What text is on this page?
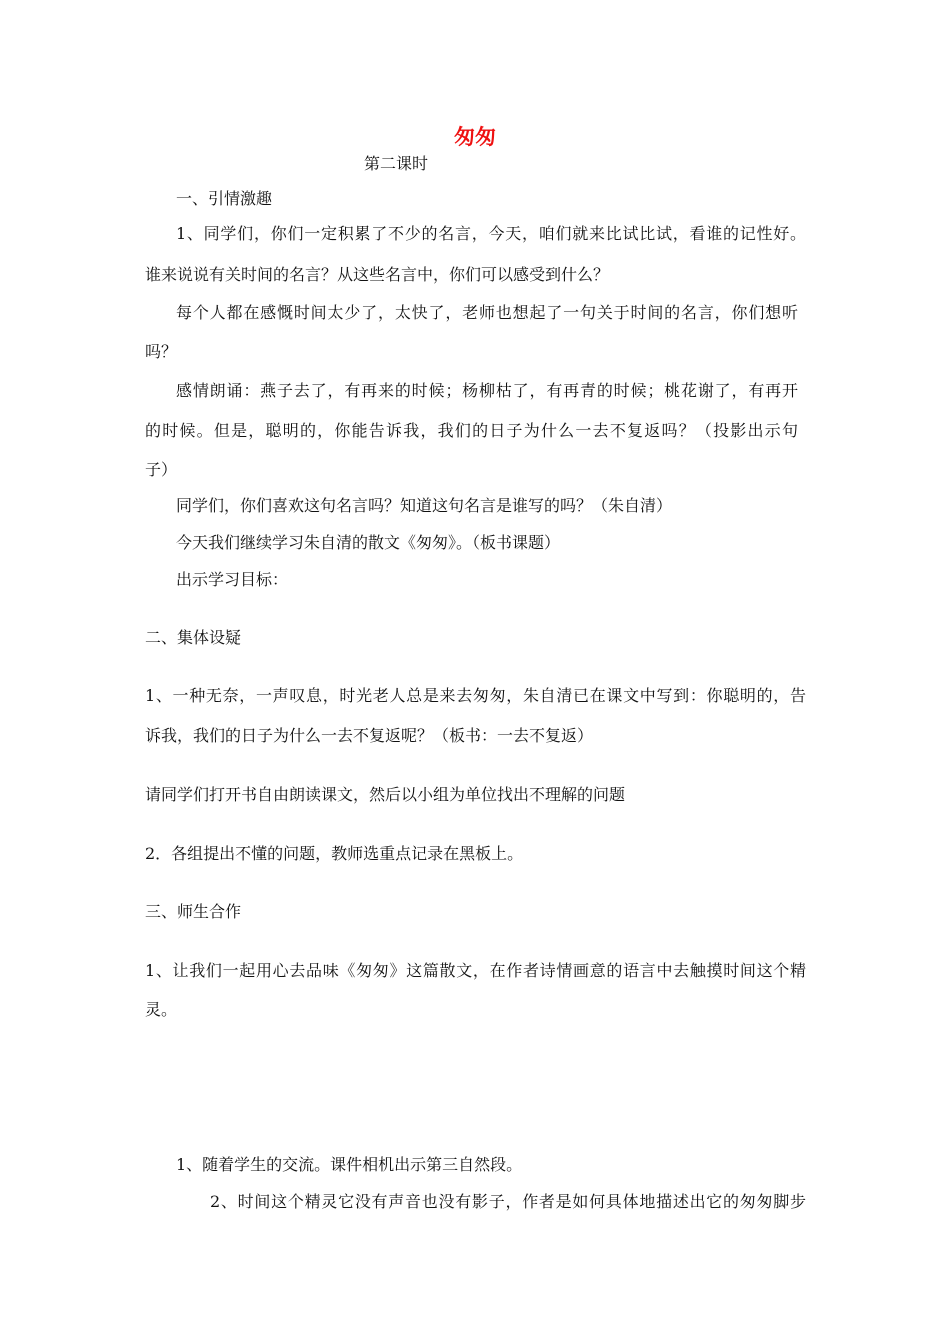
匆匆
第二课时
一、引情激趣
1、同学们，你们一定积累了不少的名言，今天，咱们就来比试比试，看谁的记性好。
谁来说说有关时间的名言？从这些名言中，你们可以感受到什么？
每个人都在感慨时间太少了，太快了，老师也想起了一句关于时间的名言，你们想听
吗？
感情朗诵：燕子去了，有再来的时候；杨柳枯了，有再青的时候；桃花谢了，有再开
的时候。但是，聪明的，你能告诉我，我们的日子为什么一去不复返吗？（投影出示句
子）
同学们，你们喜欢这句名言吗？知道这句名言是谁写的吗？（朱自清）
今天我们继续学习朱自清的散文《匆匆》。（板书课题）
出示学习目标：
二、集体设疑
1、一种无奈，一声叹息，时光老人总是来去匆匆，朱自清已在课文中写到：你聪明的，告
诉我，我们的日子为什么一去不复返呢？（板书：一去不复返）
请同学们打开书自由朗读课文，然后以小组为单位找出不理解的问题
2．各组提出不懂的问题，教师选重点记录在黑板上。
三、师生合作
1、让我们一起用心去品味《匆匆》这篇散文，在作者诗情画意的语言中去触摸时间这个精
灵。
1、随着学生的交流。课件相机出示第三自然段。
2、时间这个精灵它没有声音也没有影子，作者是如何具体地描述出它的匆匆脚步
